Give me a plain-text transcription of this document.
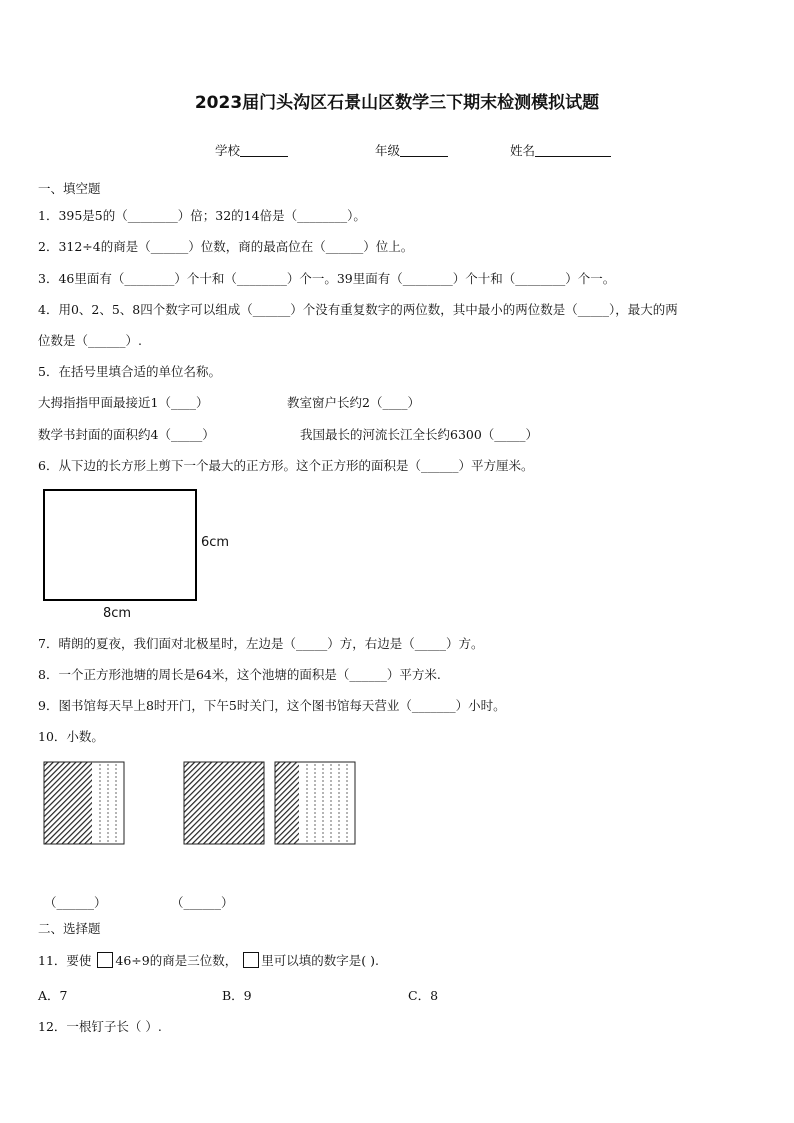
2023届门头沟区石景山区数学三下期末检测模拟试题
学校	年级	姓名
一、填空题
1．395是5的（________）倍；32的14倍是（________）。
2．312÷4的商是（______）位数，商的最高位在（______）位上。
3．46里面有（________）个十和（________）个一。39里面有（________）个十和（________）个一。
4．用0、2、5、8四个数字可以组成（______）个没有重复数字的两位数，其中最小的两位数是（_____），最大的两
位数是（______）.
5．在括号里填合适的单位名称。
大拇指指甲面最接近1（____）	教室窗户长约2（____）
数学书封面的面积约4（_____）	我国最长的河流长江全长约6300（_____）
6．从下边的长方形上剪下一个最大的正方形。这个正方形的面积是（______）平方厘米。
6cm
8cm
7．晴朗的夏夜，我们面对北极星时，左边是（_____）方，右边是（_____）方。
8．一个正方形池塘的周长是64米，这个池塘的面积是（______）平方米.
9．图书馆每天早上8时开门，下午5时关门，这个图书馆每天营业（_______）小时。
10．小数。
（______）	（______）
二、选择题
11．要使 46÷9的商是三位数， 里可以填的数字是( ).
A．7	B．9	C．8
12．一根钉子长（ ）.
